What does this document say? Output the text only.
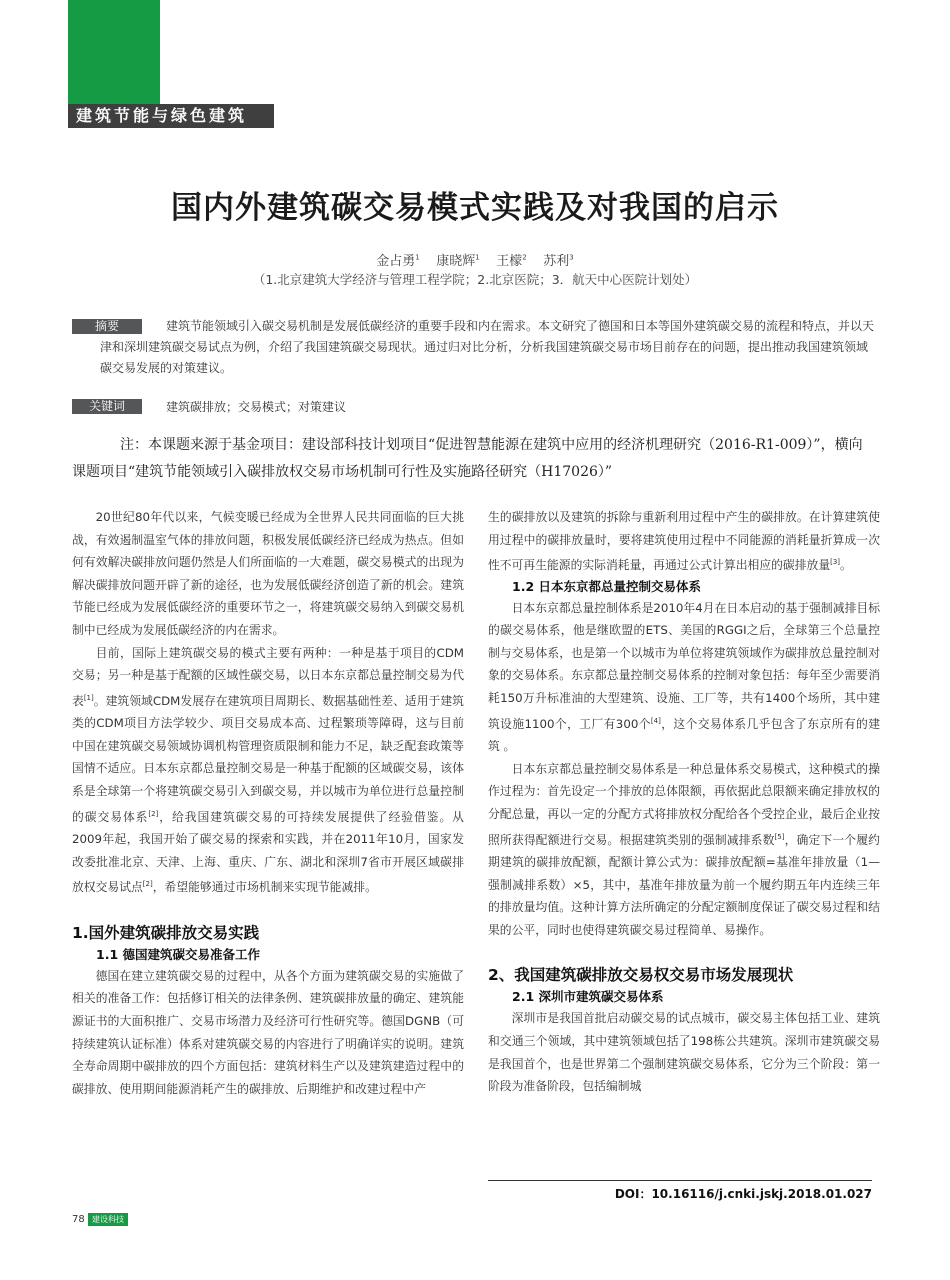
建筑节能与绿色建筑
国内外建筑碳交易模式实践及对我国的启示
金占勇$^1$ 康晓辉$^1$ 王檬$^2$ 苏利$^3$
（1.北京建筑大学经济与管理工程学院；2.北京医院；3．航天中心医院计划处）
摘要	建筑节能领域引入碳交易机制是发展低碳经济的重要手段和内在需求。本文研究了德国和日本等国外建筑碳交易的流程和特点，并以天津和深圳建筑碳交易试点为例，介绍了我国建筑碳交易现状。通过归对比分析，分析我国建筑碳交易市场目前存在的问题，提出推动我国建筑领域碳交易发展的对策建议。
关键词	建筑碳排放；交易模式；对策建议
注：本课题来源于基金项目：建设部科技计划项目“促进智慧能源在建筑中应用的经济机理研究（2016-R1-009）”，横向课题项目“建筑节能领域引入碳排放权交易市场机制可行性及实施路径研究（H17026）”

20世纪80年代以来，气候变暖已经成为全世界人民共同面临的巨大挑战，有效遏制温室气体的排放问题，积极发展低碳经济已经成为热点。但如何有效解决碳排放问题仍然是人们所面临的一大难题，碳交易模式的出现为解决碳排放问题开辟了新的途径，也为发展低碳经济创造了新的机会。建筑节能已经成为发展低碳经济的重要环节之一，将建筑碳交易纳入到碳交易机制中已经成为发展低碳经济的内在需求。

目前，国际上建筑碳交易的模式主要有两种：一种是基于项目的CDM交易；另一种是基于配额的区域性碳交易，以日本东京都总量控制交易为代表[1]。建筑领域CDM发展存在建筑项目周期长、数据基础性差、适用于建筑类的CDM项目方法学较少、项目交易成本高、过程繁琐等障碍，这与目前中国在建筑碳交易领域协调机构管理资质限制和能力不足，缺乏配套政策等国情不适应。日本东京都总量控制交易是一种基于配额的区域碳交易，该体系是全球第一个将建筑碳交易引入到碳交易，并以城市为单位进行总量控制的碳交易体系[2]，给我国建筑碳交易的可持续发展提供了经验借鉴。从2009年起，我国开始了碳交易的探索和实践，并在2011年10月，国家发改委批准北京、天津、上海、重庆、广东、湖北和深圳7省市开展区域碳排放权交易试点[2]，希望能够通过市场机制来实现节能减排。

1.国外建筑碳排放交易实践
1.1 德国建筑碳交易准备工作

德国在建立建筑碳交易的过程中，从各个方面为建筑碳交易的实施做了相关的准备工作：包括修订相关的法律条例、建筑碳排放量的确定、建筑能源证书的大面积推广、交易市场潜力及经济可行性研究等。德国DGNB（可持续建筑认证标准）体系对建筑碳交易的内容进行了明确详实的说明。建筑全寿命周期中碳排放的四个方面包括：建筑材料生产以及建筑建造过程中的碳排放、使用期间能源消耗产生的碳排放、后期维护和改建过程中产

生的碳排放以及建筑的拆除与重新利用过程中产生的碳排放。在计算建筑使用过程中的碳排放量时，要将建筑使用过程中不同能源的消耗量折算成一次性不可再生能源的实际消耗量，再通过公式计算出相应的碳排放量[3]。

1.2 日本东京都总量控制交易体系

日本东京都总量控制体系是2010年4月在日本启动的基于强制减排目标的碳交易体系，他是继欧盟的ETS、美国的RGGI之后，全球第三个总量控制与交易体系，也是第一个以城市为单位将建筑领域作为碳排放总量控制对象的交易体系。东京都总量控制交易体系的控制对象包括：每年至少需要消耗150万升标准油的大型建筑、设施、工厂等，共有1400个场所，其中建筑设施1100个，工厂有300个[4]，这个交易体系几乎包含了东京所有的建筑 。

日本东京都总量控制交易体系是一种总量体系交易模式，这种模式的操作过程为：首先设定一个排放的总体限额，再依据此总限额来确定排放权的分配总量，再以一定的分配方式将排放权分配给各个受控企业，最后企业按照所获得配额进行交易。根据建筑类别的强制减排系数[5]，确定下一个履约期建筑的碳排放配额，配额计算公式为：碳排放配额=基准年排放量（1—强制减排系数）×5，其中，基准年排放量为前一个履约期五年内连续三年的排放量均值。这种计算方法所确定的分配定额制度保证了碳交易过程和结果的公平，同时也使得建筑碳交易过程简单、易操作。

2、我国建筑碳排放交易权交易市场发展现状
2.1 深圳市建筑碳交易体系

深圳市是我国首批启动碳交易的试点城市，碳交易主体包括工业、建筑和交通三个领域，其中建筑领域包括了198栋公共建筑。深圳市建筑碳交易是我国首个，也是世界第二个强制建筑碳交易体系，它分为三个阶段：第一阶段为准备阶段，包括编制城

DOI：10.16116/j.cnki.jskj.2018.01.027
78 建设科技
